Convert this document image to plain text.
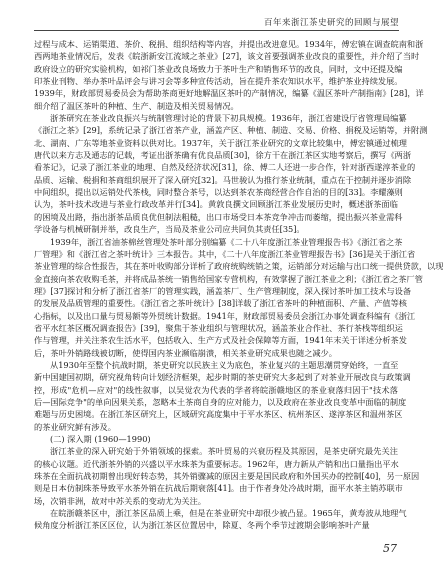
百年来浙江茶史研究的回顾与展望
过程与成本、运销渠道、茶价、税捐、组织结构等内容，并提出改进意见。1934年，傅宏镇在调查皖南和浙
西两地茶业情况后，发表《皖浙新安江流域之茶业》[27]，该文首要强调茶业改良的重要性，并介绍了当时
政府设立的研究实验机构，如祁门茶业改良场致力于茶叶生产和销售环节的改良，同时，文中还提及编
印茶业刊物、举办茶叶品评会与讲习会等多种宣传活动，旨在提升茶农知识水平，维护茶业持续发展。
1939年，财政部贸易委员会为帮助茶商更好地解温区茶叶的产制情况，编纂《温区茶叶产制指南》[28]，详
细介绍了温区茶叶的种植、生产、制造及相关贸易情况。
浙茶研究在茶业改良振兴与统制管理讨论的背景下初具规模。1936年，浙江省建设厅省管理局编纂
《浙江之茶》[29]，系统记录了浙江省茶产业，涵盖产区、种植、制造、交易、价格、捐税及运销等，并附测
北、湖南、广东等地茶业资料以供对比。1937年，关于浙江茶业研究的文章比较集中，傅宏镇通过梳理
唐代以来方志及通志的记载，考证出浙茶确有优良品质[30]，徐方干在浙江茶区实地考察后，撰写《两浙
看茶记》，记录了浙江茶业的地理、自然及经济状况[31]，徐、傅二人还进一步合作，针对浙西遂淳茶业的
品质、运输、税捐和茶商组织展开了深入研究[32]。马世骏认为推行茶业统制，重点在于控制并逐步消除
中间组织，提出以运销处代茶栈，同时整合茶号，以达到茶农茶商经营合作自治的目的[33]。李耀藻则
认为，茶叶技术改进与茶业行政改革并行[34]。黄敦良撰文回顾浙江茶业发展历史时，概述浙茶面临
的困境及出路，指出浙茶品质良优但制法粗糙，出口市场受日本茶竞争冲击而萎缩，提出振兴茶业需科
学设备与机械研制并举，改良生产，当局及茶业公司应共同负其责任[35]。
1939年，浙江省油茶棉丝管理处茶叶部分别编纂《二十八年度浙江茶业管理报告书》《浙江省之茶
厂管理》和《浙江省之茶叶统计》三本报告。其中，《二十八年度浙江茶业管理报告书》[36]是关于浙江省
茶业管理的综合性报告，其在茶叶收购部分详析了政府统购统销之策，运销部分对运输与出口统一提供贷款，以现
金直接向茶农收购毛茶，并将成品茶统一销售给国家专营机构，有效掌握了浙江茶业之利；《浙江省之茶厂管
理》[37]探讨和分析了浙江省茶厂的管理实践，涵盖茶厂、生产管理制度，深入探讨茶叶加工技术与设备
的发展及品质管理的重要性。《浙江省之茶叶统计》[38]详载了浙江省茶叶的种植面积、产量、产值等核
心指标，以及出口量与贸易额等外贸统计数据。1941年，财政部贸易委员会浙江办事处调查科编有《浙江
省平水红茶区概况调查报告》[39]，聚焦于茶业组织与管理状况，涵盖茶业合作社、茶行茶栈等组织运
作与管理，并关注茶农生活水平，包括收入、生产方式及社会保障等方面，1941年末关于详述分析茶发
后，茶叶外销路线被切断，使得国内茶业濒临崩溃，相关茶业研究成果也随之减少。
从1930年至整个抗战时期，茶史研究以民族主义为底色，茶业复兴的主题思潮贯穿始终，一直至
新中国建国初期，研究视角转向计划经济框架，起步时期的茶史研究大多起到了对茶业开展改良与政策调
控，形成"危机—应对"的线性叙事，以吴觉农为代表的学者将皖浙赣地区的茶业衰落归因于"技术落
后—国际竞争"的单向因果关系，忽略本土茶商自身的应对能力，以及政府在茶业改良变革中面临的制度
难题与历史困境。在浙江茶区研究上，区域研究高度集中于平水茶区、杭州茶区、遂淳茶区和温州茶区
的茶业研究鲜有涉及。
(二) 深入期 (1960—1990)
浙江茶业的深入研究始于外销领域的探索。茶叶贸易的兴衰历程及其原因，是茶史研究最先关注
的核心议题。近代浙茶外销的兴盛以平水珠茶为重要标志。1962年，唐力新从产销和出口量指出平水
珠茶在全面抗战初期曾出现好转态势，其外销骤减的原因主要是国民政府和外国买办的控制[40]，另一原因
则是日本仿制珠茶导致平水茶外销在抗战后期衰落[41]。由于作者身处冷战时期，面平水茶主销苏联市
场，次销非洲，故对中苏关系的变动尤为关注。
在皖浙赣茶区中，浙江茶区品质上乘，但是在茶业研究中却很少被凸显。1965年，黄寿波从地理气
候角度分析浙江茶区区位，认为浙江茶区位置居中，除夏、冬两个季节过渡期会影响茶叶产量
57
